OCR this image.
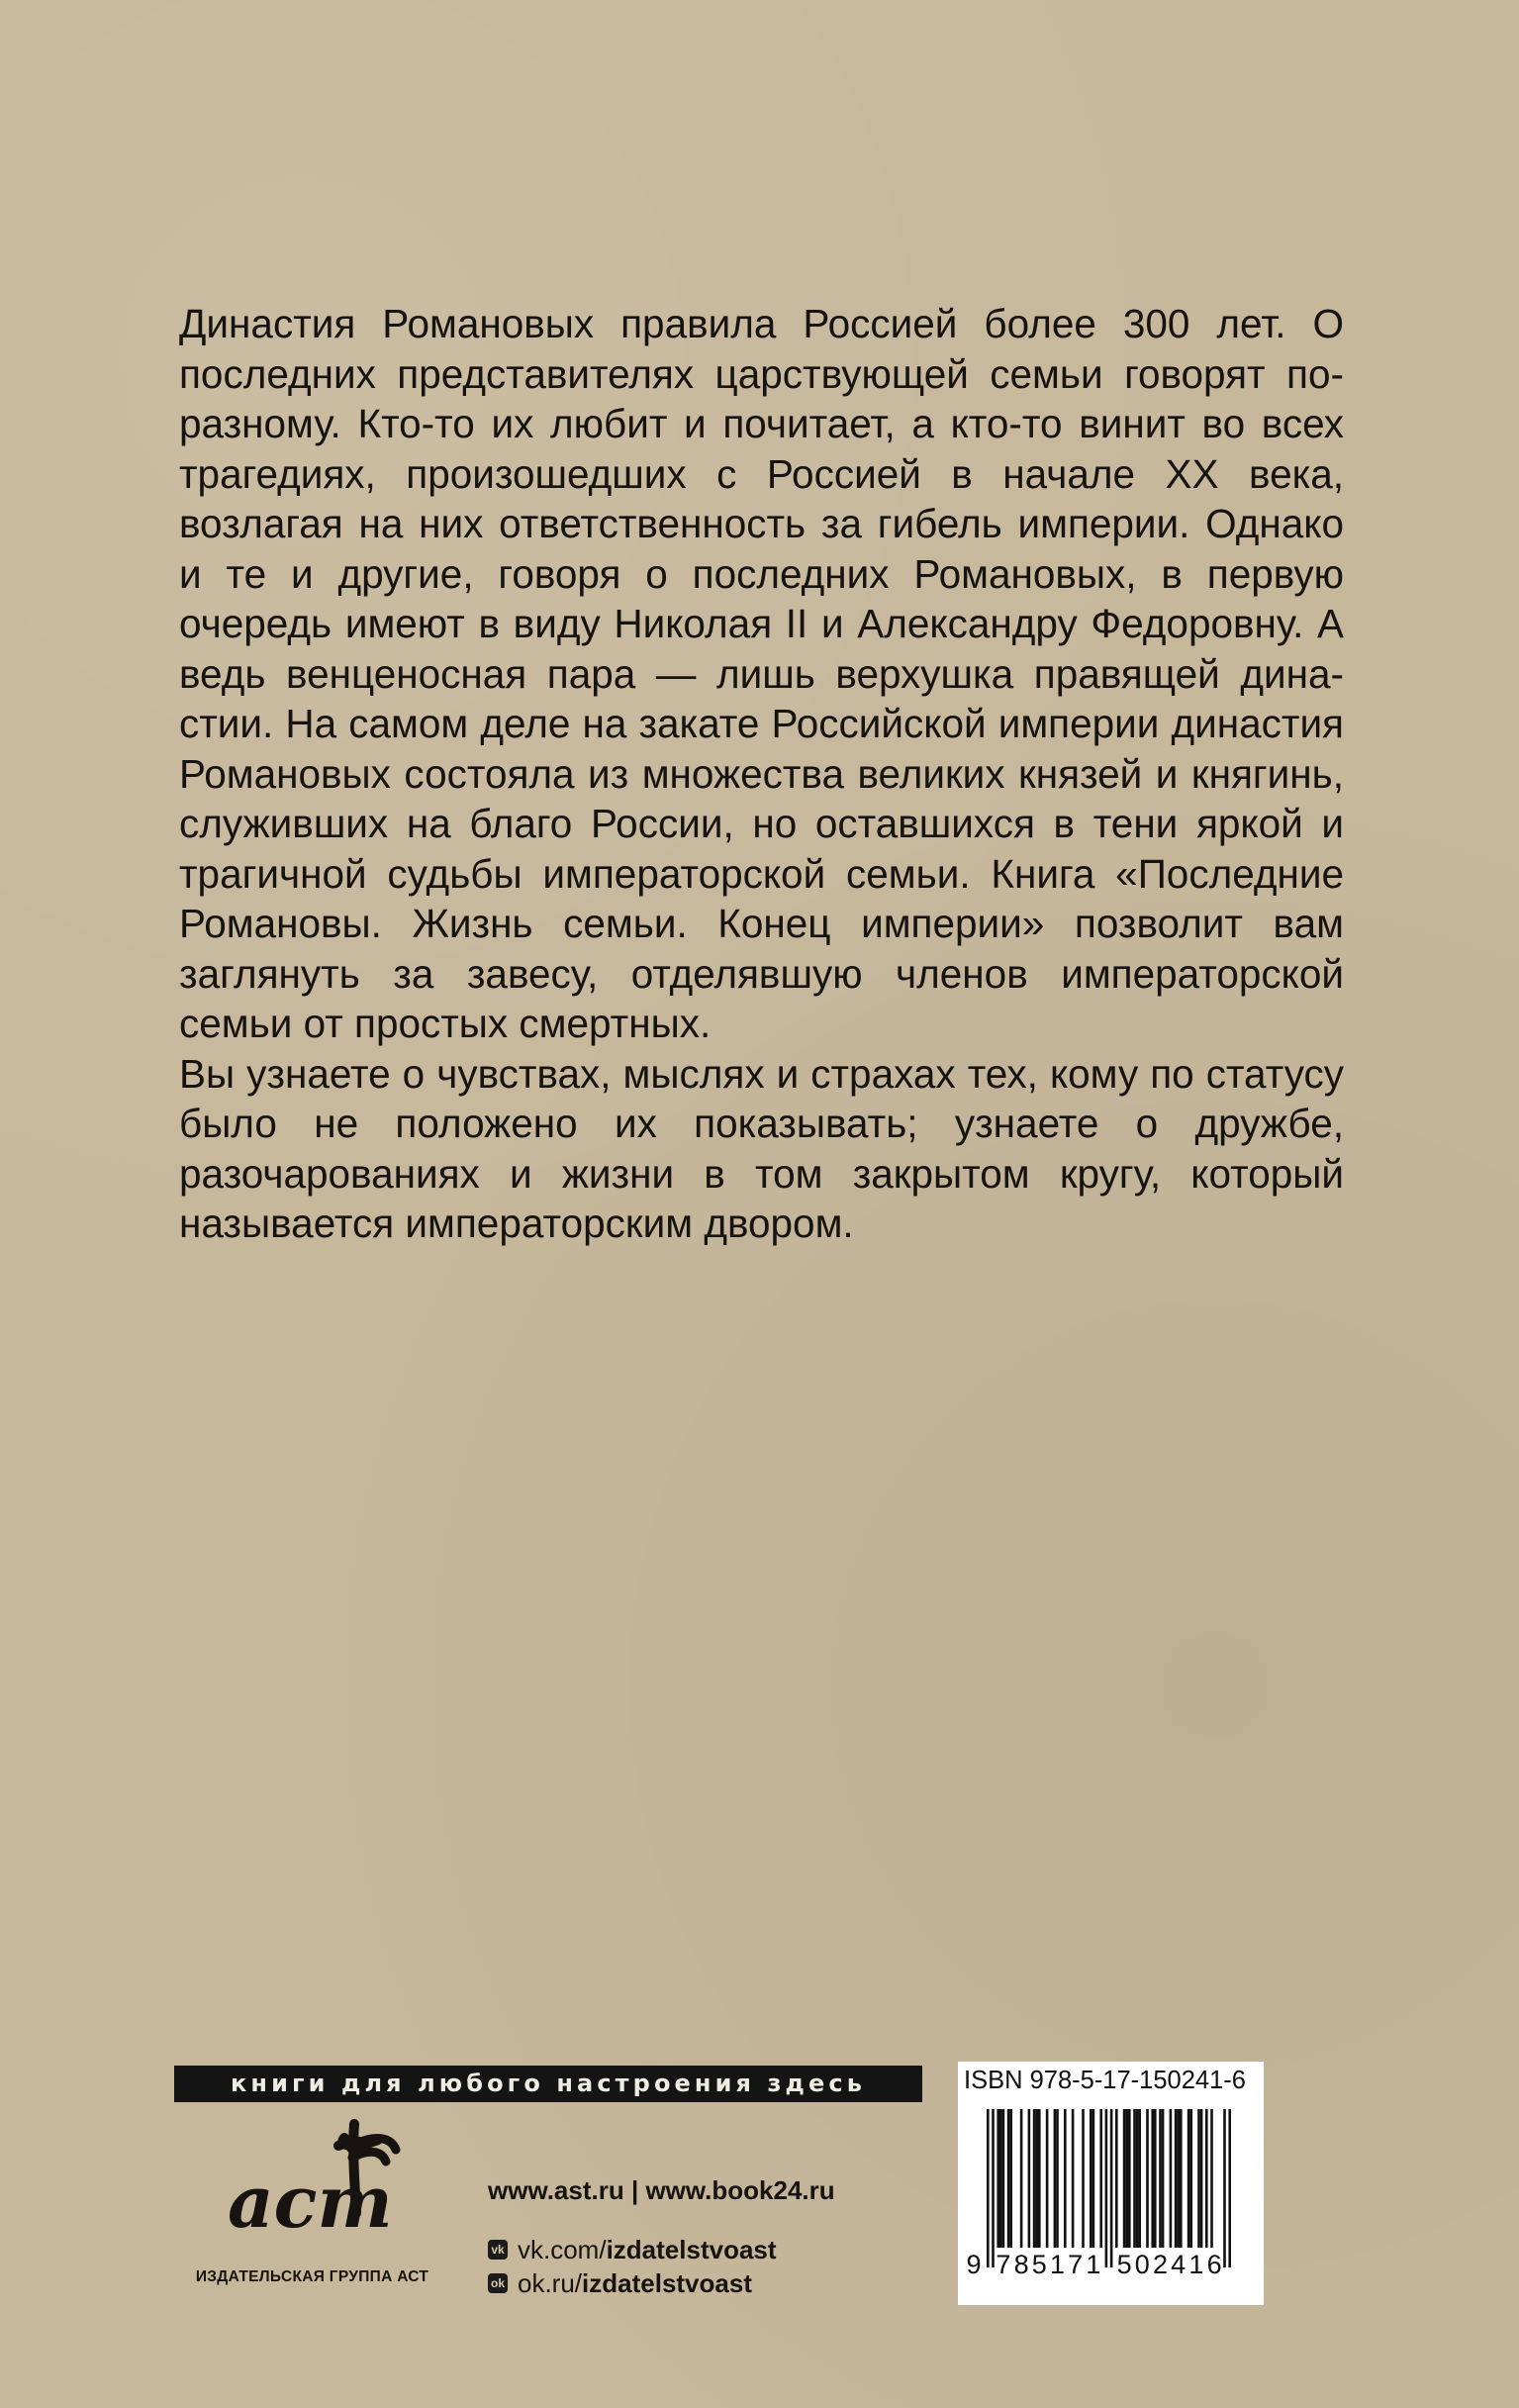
Династия Романовых правила Россией более 300 лет. О последних представителях царствующей семьи говорят по-разному. Кто-то их любит и почитает, а кто-то винит во всех трагедиях, произошедших с Россией в начале XX века, возлагая на них ответственность за гибель империи. Однако и те и другие, говоря о последних Романовых, в первую очередь имеют в виду Николая II и Александру Федоровну. А ведь венценосная пара — лишь верхушка правящей династии. На самом деле на закате Российской империи династия Романовых состояла из множества великих князей и княгинь, служивших на благо России, но оставшихся в тени яркой и трагичной судьбы императорской семьи. Книга «Последние Романовы. Жизнь семьи. Конец империи» позволит вам заглянуть за завесу, отделявшую членов императорской семьи от простых смертных.

Вы узнаете о чувствах, мыслях и страхах тех, кому по статусу было не положено их показывать; узнаете о дружбе, разочарованиях и жизни в том закрытом кругу, который называется императорским двором.

книги для любого настроения здесь
аст
ИЗДАТЕЛЬСКАЯ ГРУППА АСТ
www.ast.ru | www.book24.ru
vk vk.com/ izdatelstvoast
ok ok.ru/ izdatelstvoast
ISBN 978-5-17-150241-6
9 7 8 5 1 7 1 5 0 2 4 1 6
